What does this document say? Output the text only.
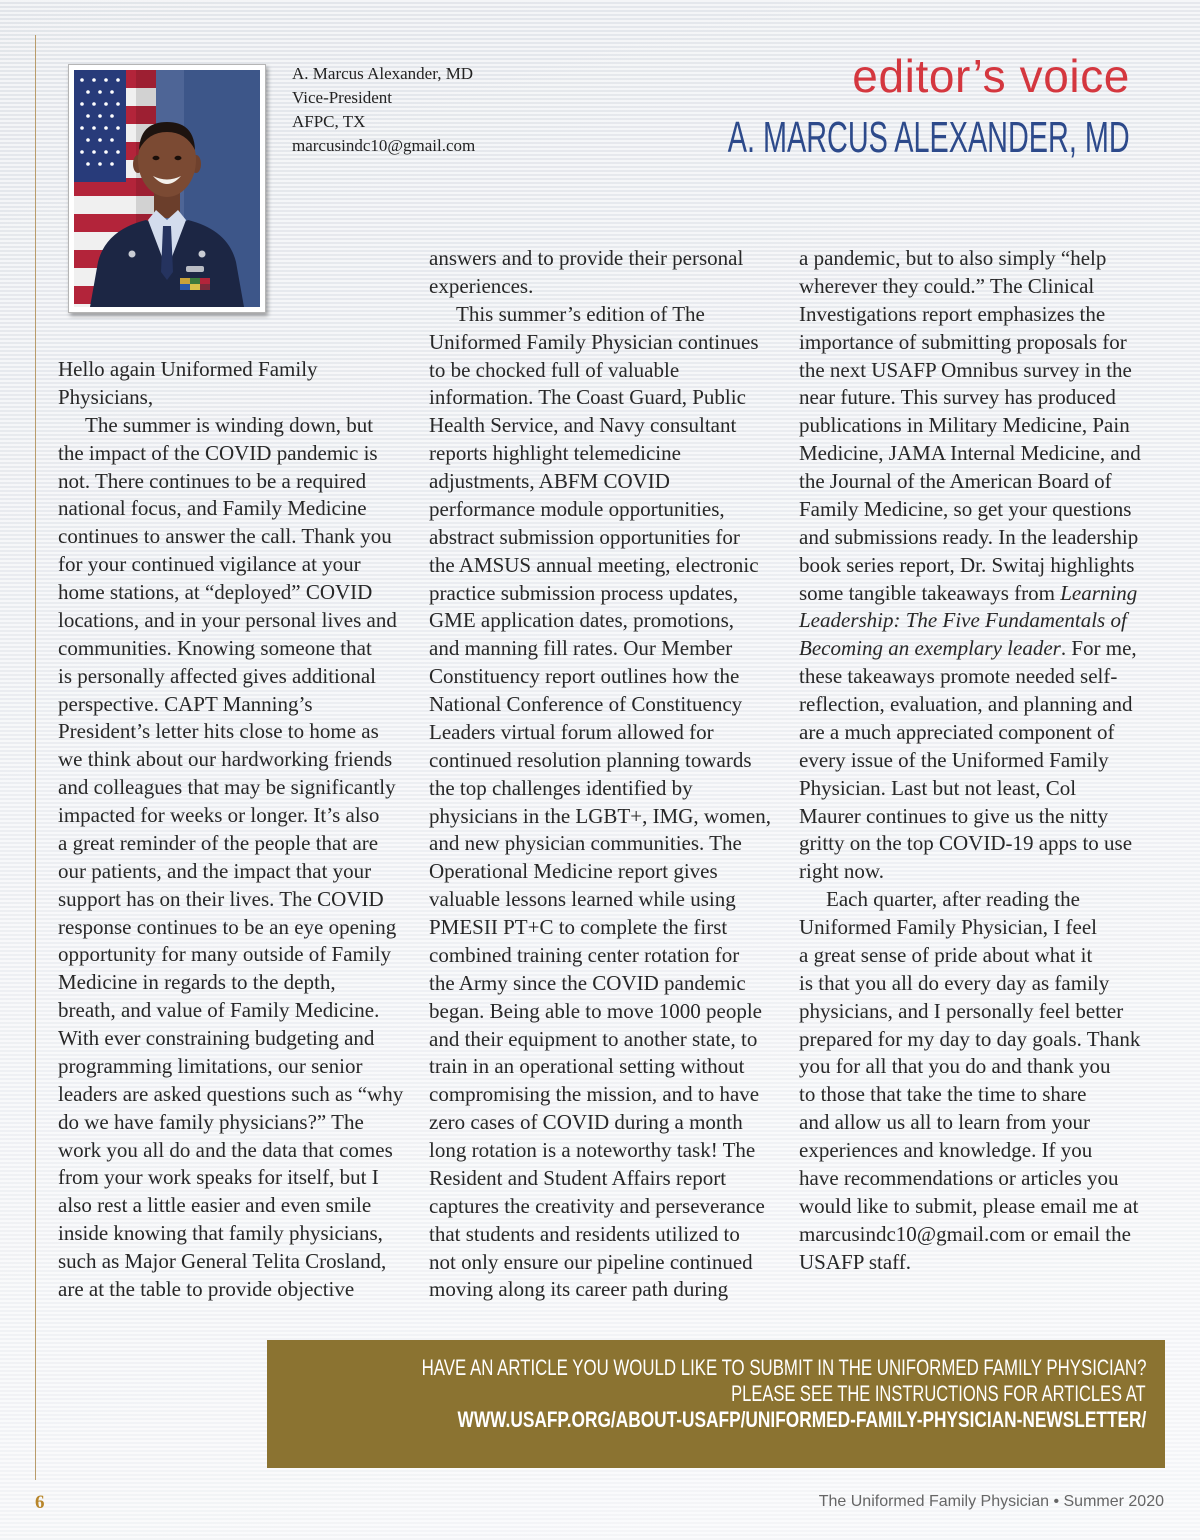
A. Marcus Alexander, MD
Vice-President
AFPC, TX
marcusindc10@gmail.com
editor’s voice
A. MARCUS ALEXANDER, MD
Hello again Uniformed Family
Physicians,
The summer is winding down, but
the impact of the COVID pandemic is
not. There continues to be a required
national focus, and Family Medicine
continues to answer the call. Thank you
for your continued vigilance at your
home stations, at “deployed” COVID
locations, and in your personal lives and
communities. Knowing someone that
is personally affected gives additional
perspective. CAPT Manning’s
President’s letter hits close to home as
we think about our hardworking friends
and colleagues that may be significantly
impacted for weeks or longer. It’s also
a great reminder of the people that are
our patients, and the impact that your
support has on their lives. The COVID
response continues to be an eye opening
opportunity for many outside of Family
Medicine in regards to the depth,
breath, and value of Family Medicine.
With ever constraining budgeting and
programming limitations, our senior
leaders are asked questions such as “why
do we have family physicians?” The
work you all do and the data that comes
from your work speaks for itself, but I
also rest a little easier and even smile
inside knowing that family physicians,
such as Major General Telita Crosland,
are at the table to provide objective
answers and to provide their personal
experiences.
This summer’s edition of The
Uniformed Family Physician continues
to be chocked full of valuable
information. The Coast Guard, Public
Health Service, and Navy consultant
reports highlight telemedicine
adjustments, ABFM COVID
performance module opportunities,
abstract submission opportunities for
the AMSUS annual meeting, electronic
practice submission process updates,
GME application dates, promotions,
and manning fill rates. Our Member
Constituency report outlines how the
National Conference of Constituency
Leaders virtual forum allowed for
continued resolution planning towards
the top challenges identified by
physicians in the LGBT+, IMG, women,
and new physician communities. The
Operational Medicine report gives
valuable lessons learned while using
PMESII PT+C to complete the first
combined training center rotation for
the Army since the COVID pandemic
began. Being able to move 1000 people
and their equipment to another state, to
train in an operational setting without
compromising the mission, and to have
zero cases of COVID during a month
long rotation is a noteworthy task! The
Resident and Student Affairs report
captures the creativity and perseverance
that students and residents utilized to
not only ensure our pipeline continued
moving along its career path during
a pandemic, but to also simply “help
wherever they could.” The Clinical
Investigations report emphasizes the
importance of submitting proposals for
the next USAFP Omnibus survey in the
near future. This survey has produced
publications in Military Medicine, Pain
Medicine, JAMA Internal Medicine, and
the Journal of the American Board of
Family Medicine, so get your questions
and submissions ready. In the leadership
book series report, Dr. Switaj highlights
some tangible takeaways from Learning
Leadership: The Five Fundamentals of
Becoming an exemplary leader. For me,
these takeaways promote needed self-
reflection, evaluation, and planning and
are a much appreciated component of
every issue of the Uniformed Family
Physician. Last but not least, Col
Maurer continues to give us the nitty
gritty on the top COVID-19 apps to use
right now.
Each quarter, after reading the
Uniformed Family Physician, I feel
a great sense of pride about what it
is that you all do every day as family
physicians, and I personally feel better
prepared for my day to day goals. Thank
you for all that you do and thank you
to those that take the time to share
and allow us all to learn from your
experiences and knowledge. If you
have recommendations or articles you
would like to submit, please email me at
marcusindc10@gmail.com or email the
USAFP staff.
HAVE AN ARTICLE YOU WOULD LIKE TO SUBMIT IN THE UNIFORMED FAMILY PHYSICIAN?
PLEASE SEE THE INSTRUCTIONS FOR ARTICLES AT
WWW.USAFP.ORG/ABOUT-USAFP/UNIFORMED-FAMILY-PHYSICIAN-NEWSLETTER/
6	The Uniformed Family Physician • Summer 2020
